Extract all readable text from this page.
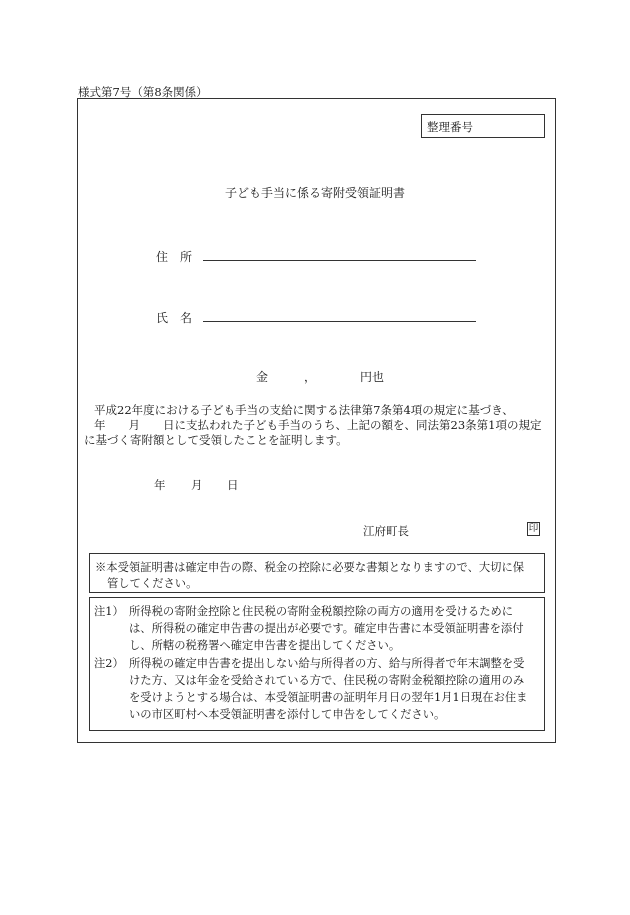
様式第7号（第8条関係）
整理番号
子ども手当に係る寄附受領証明書
住　所
氏　名
金	，	円也
平成22年度における子ども手当の支給に関する法律第7条第4項の規定に基づき、
年　　月　　日に支払われた子ども手当のうち、上記の額を、同法第23条第1項の規定
に基づく寄附額として受領したことを証明します。
年 月 日
江府町長	印
※本受領証明書は確定申告の際、税金の控除に必要な書類となりますので、大切に保
管してください。
注1） 所得税の寄附金控除と住民税の寄附金税額控除の両方の適用を受けるために
は、所得税の確定申告書の提出が必要です。確定申告書に本受領証明書を添付
し、所轄の税務署へ確定申告書を提出してください。
注2） 所得税の確定申告書を提出しない給与所得者の方、給与所得者で年末調整を受
けた方、又は年金を受給されている方で、住民税の寄附金税額控除の適用のみ
を受けようとする場合は、本受領証明書の証明年月日の翌年1月1日現在お住ま
いの市区町村へ本受領証明書を添付して申告をしてください。
